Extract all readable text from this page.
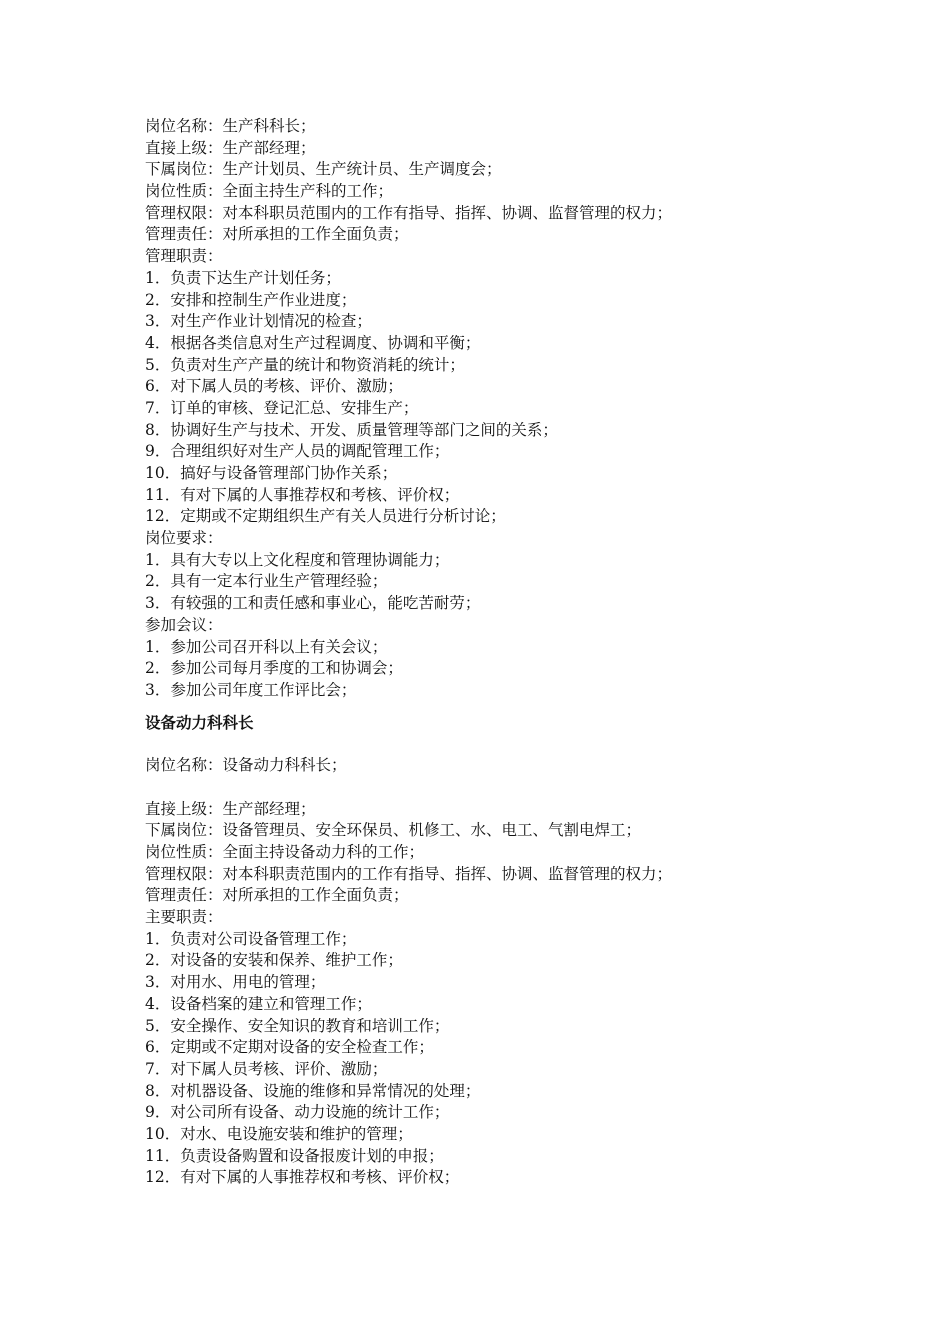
岗位名称：生产科科长；
直接上级：生产部经理；
下属岗位：生产计划员、生产统计员、生产调度会；
岗位性质：全面主持生产科的工作；
管理权限：对本科职员范围内的工作有指导、指挥、协调、监督管理的权力；
管理责任：对所承担的工作全面负责；
管理职责：
1．负责下达生产计划任务；
2．安排和控制生产作业进度；
3．对生产作业计划情况的检查；
4．根据各类信息对生产过程调度、协调和平衡；
5．负责对生产产量的统计和物资消耗的统计；
6．对下属人员的考核、评价、激励；
7．订单的审核、登记汇总、安排生产；
8．协调好生产与技术、开发、质量管理等部门之间的关系；
9．合理组织好对生产人员的调配管理工作；
10．搞好与设备管理部门协作关系；
11．有对下属的人事推荐权和考核、评价权；
12．定期或不定期组织生产有关人员进行分析讨论；
岗位要求：
1．具有大专以上文化程度和管理协调能力；
2．具有一定本行业生产管理经验；
3．有较强的工和责任感和事业心，能吃苦耐劳；
参加会议：
1．参加公司召开科以上有关会议；
2．参加公司每月季度的工和协调会；
3．参加公司年度工作评比会；
设备动力科科长
岗位名称：设备动力科科长；
直接上级：生产部经理；
下属岗位：设备管理员、安全环保员、机修工、水、电工、气割电焊工；
岗位性质：全面主持设备动力科的工作；
管理权限：对本科职责范围内的工作有指导、指挥、协调、监督管理的权力；
管理责任：对所承担的工作全面负责；
主要职责：
1．负责对公司设备管理工作；
2．对设备的安装和保养、维护工作；
3．对用水、用电的管理；
4．设备档案的建立和管理工作；
5．安全操作、安全知识的教育和培训工作；
6．定期或不定期对设备的安全检查工作；
7．对下属人员考核、评价、激励；
8．对机器设备、设施的维修和异常情况的处理；
9．对公司所有设备、动力设施的统计工作；
10．对水、电设施安装和维护的管理；
11．负责设备购置和设备报废计划的申报；
12．有对下属的人事推荐权和考核、评价权；
